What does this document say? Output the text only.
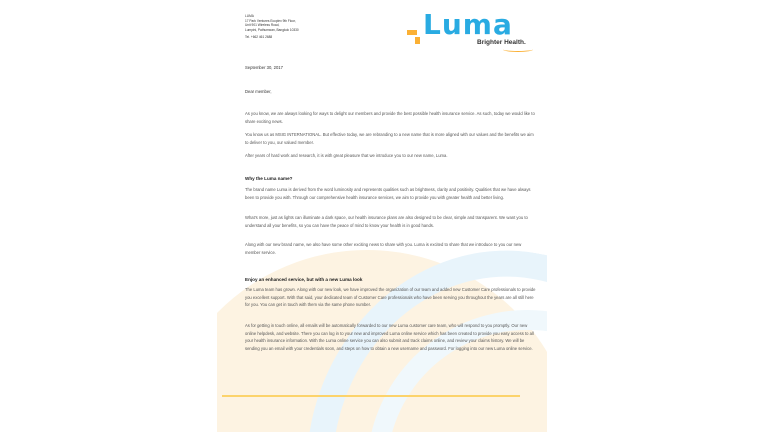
LUMA
17 Park Ventures Ecoplex 9th Floor,
Unit 901 Wireless Road,
Lumpini, Pathumwan, Bangkok 10330
Tel. +662 461 2688	Luma
Brighter Health.
September 30, 2017
Dear member,
As you know, we are always looking for ways to delight our members and provide the best possible health insurance service. As such, today we would like to share exciting news.
You know us as MSIG INTERNATIONAL. But effective today, we are rebranding to a new name that is more aligned with our values and the benefits we aim to deliver to you, our valued member.
After years of hard work and research, it is with great pleasure that we introduce you to our new name, Luma.
Why the Luma name?
The brand name Luma is derived from the word luminosity and represents qualities such as brightness, clarity and positivity. Qualities that we have always been to provide you with. Through our comprehensive health insurance services, we aim to provide you with greater health and better living.
What's more, just as lights can illuminate a dark space, our health insurance plans are also designed to be clear, simple and transparent. We want you to understand all your benefits, so you can have the peace of mind to know your health is in good hands.
Along with our new brand name, we also have some other exciting news to share with you. Luma is excited to share that we introduce to you our new member service.
Enjoy an enhanced service, but with a new Luma look
The Luma team has grown. Along with our new look, we have improved the organization of our team and added new Customer Care professionals to provide you excellent support. With that said, your dedicated team of Customer Care professionals who have been serving you throughout the years are all still here for you. You can get in touch with them via the same phone number.
As for getting in touch online, all emails will be automatically forwarded to our new Luma customer care team, who will respond to you promptly. Our new online helpdesk, and website. There you can log in to your new and improved Luma online service which has been created to provide you easy access to all your health insurance information. With the Luma online service you can also submit and track claims online, and review your claims history. We will be sending you an email with your credentials soon, and steps on how to obtain a new username and password. For logging into our new Luma online service.
